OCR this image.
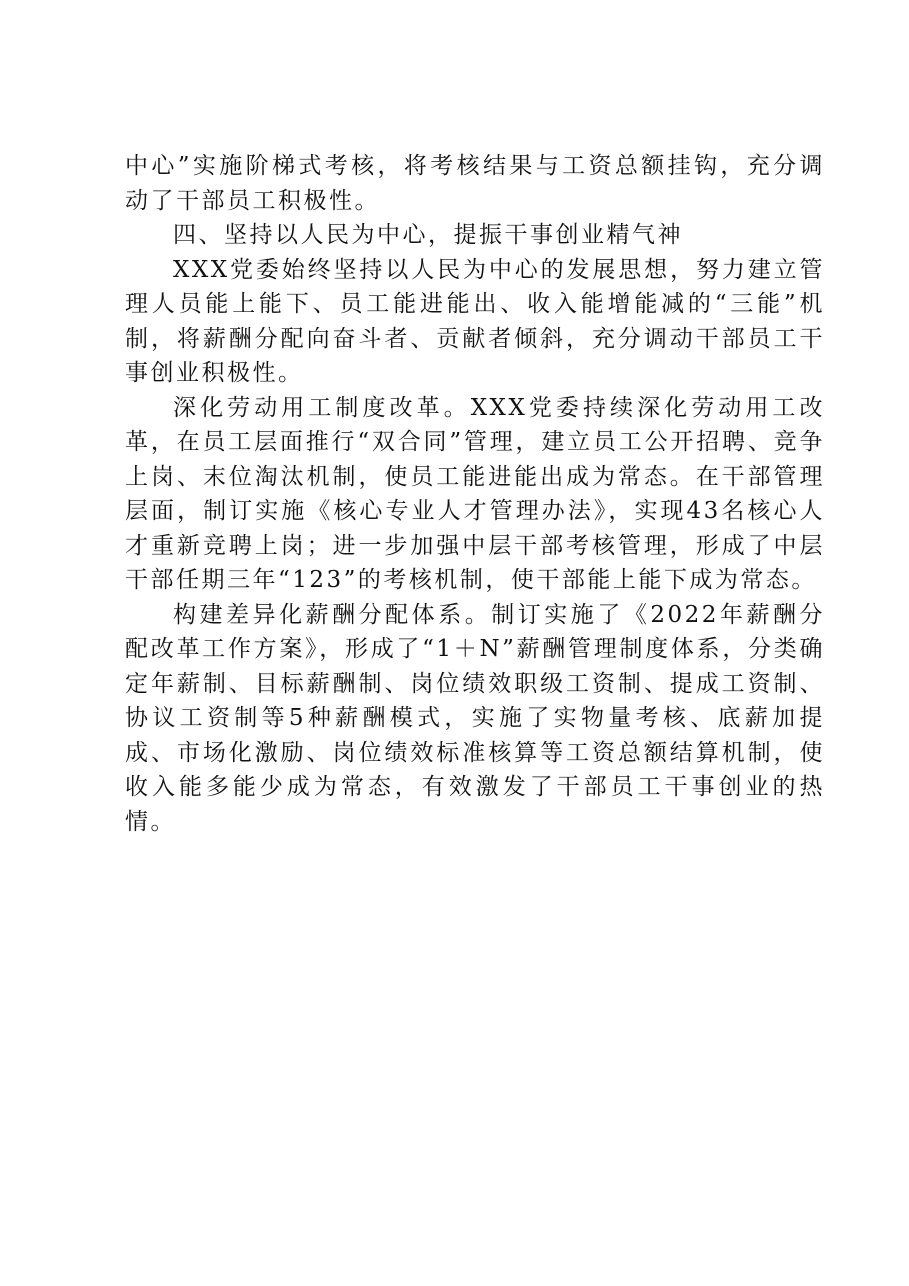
中心”实施阶梯式考核，将考核结果与工资总额挂钩，充分调动了干部员工积极性。

四、坚持以人民为中心，提振干事创业精气神

XXX党委始终坚持以人民为中心的发展思想，努力建立管理人员能上能下、员工能进能出、收入能增能减的“三能”机制，将薪酬分配向奋斗者、贡献者倾斜，充分调动干部员工干事创业积极性。

深化劳动用工制度改革。XXX党委持续深化劳动用工改革，在员工层面推行“双合同”管理，建立员工公开招聘、竞争上岗、末位淘汰机制，使员工能进能出成为常态。在干部管理层面，制订实施《核心专业人才管理办法》，实现43名核心人才重新竞聘上岗；进一步加强中层干部考核管理，形成了中层干部任期三年“123”的考核机制，使干部能上能下成为常态。

构建差异化薪酬分配体系。制订实施了《2022年薪酬分配改革工作方案》，形成了“1＋N”薪酬管理制度体系，分类确定年薪制、目标薪酬制、岗位绩效职级工资制、提成工资制、协议工资制等5种薪酬模式，实施了实物量考核、底薪加提成、市场化激励、岗位绩效标准核算等工资总额结算机制，使收入能多能少成为常态，有效激发了干部员工干事创业的热情。
